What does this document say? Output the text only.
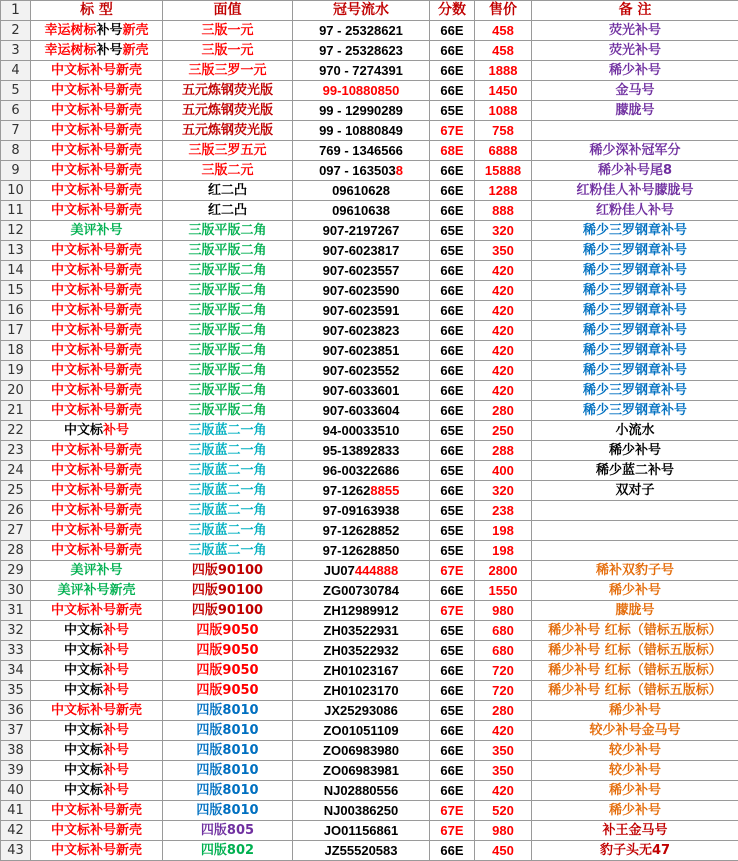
1	标 型	面值	冠号流水	分数	售价	备 注
2	幸运树标补号新壳	三版一元	97 - 25328621	66E	458	荧光补号
3	幸运树标补号新壳	三版一元	97 - 25328623	66E	458	荧光补号
4	中文标补号新壳	三版三罗一元	970 - 7274391	66E	1888	稀少补号
5	中文标补号新壳	五元炼钢荧光版	99-10880850	66E	1450	金马号
6	中文标补号新壳	五元炼钢荧光版	99 - 12990289	65E	1088	朦胧号
7	中文标补号新壳	五元炼钢荧光版	99 - 10880849	67E	758	
8	中文标补号新壳	三版三罗五元	769 - 1346566	68E	6888	稀少深补冠军分
9	中文标补号新壳	三版二元	097 - 1635038	66E	15888	稀少补号尾8
10	中文标补号新壳	红二凸	09610628	66E	1288	红粉佳人补号朦胧号
11	中文标补号新壳	红二凸	09610638	66E	888	红粉佳人补号
12	美评补号	三版平版二角	907-2197267	65E	320	稀少三罗钢章补号
13	中文标补号新壳	三版平版二角	907-6023817	65E	350	稀少三罗钢章补号
14	中文标补号新壳	三版平版二角	907-6023557	66E	420	稀少三罗钢章补号
15	中文标补号新壳	三版平版二角	907-6023590	66E	420	稀少三罗钢章补号
16	中文标补号新壳	三版平版二角	907-6023591	66E	420	稀少三罗钢章补号
17	中文标补号新壳	三版平版二角	907-6023823	66E	420	稀少三罗钢章补号
18	中文标补号新壳	三版平版二角	907-6023851	66E	420	稀少三罗钢章补号
19	中文标补号新壳	三版平版二角	907-6023552	66E	420	稀少三罗钢章补号
20	中文标补号新壳	三版平版二角	907-6033601	66E	420	稀少三罗钢章补号
21	中文标补号新壳	三版平版二角	907-6033604	66E	280	稀少三罗钢章补号
22	中文标补号	三版蓝二一角	94-00033510	65E	250	小流水
23	中文标补号新壳	三版蓝二一角	95-13892833	66E	288	稀少补号
24	中文标补号新壳	三版蓝二一角	96-00322686	65E	400	稀少蓝二补号
25	中文标补号新壳	三版蓝二一角	97-12628855	66E	320	双对子
26	中文标补号新壳	三版蓝二一角	97-09163938	65E	238	
27	中文标补号新壳	三版蓝二一角	97-12628852	65E	198	
28	中文标补号新壳	三版蓝二一角	97-12628850	65E	198	
29	美评补号	四版90100	JU07444888	67E	2800	稀补双豹子号
30	美评补号新壳	四版90100	ZG00730784	66E	1550	稀少补号
31	中文标补号新壳	四版90100	ZH12989912	67E	980	朦胧号
32	中文标补号	四版9050	ZH03522931	65E	680	稀少补号 红标（错标五版标）
33	中文标补号	四版9050	ZH03522932	65E	680	稀少补号 红标（错标五版标）
34	中文标补号	四版9050	ZH01023167	66E	720	稀少补号 红标（错标五版标）
35	中文标补号	四版9050	ZH01023170	66E	720	稀少补号 红标（错标五版标）
36	中文标补号新壳	四版8010	JX25293086	65E	280	稀少补号
37	中文标补号	四版8010	ZO01051109	66E	420	较少补号金马号
38	中文标补号	四版8010	ZO06983980	66E	350	较少补号
39	中文标补号	四版8010	ZO06983981	66E	350	较少补号
40	中文标补号	四版8010	NJ02880556	66E	420	稀少补号
41	中文标补号新壳	四版8010	NJ00386250	67E	520	稀少补号
42	中文标补号新壳	四版805	JO01156861	67E	980	补王金马号
43	中文标补号新壳	四版802	JZ55520583	66E	450	豹子头无47
